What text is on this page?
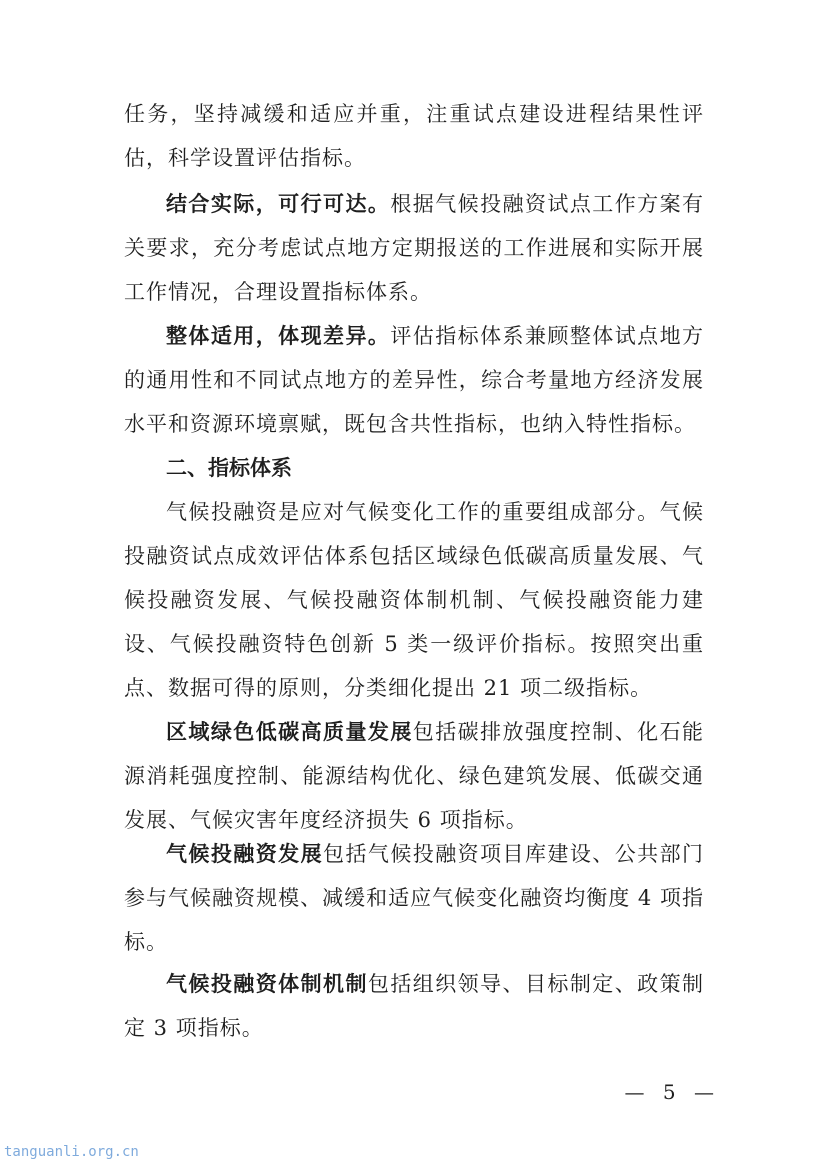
任务，坚持减缓和适应并重，注重试点建设进程结果性评估，科学设置评估指标。

结合实际，可行可达。根据气候投融资试点工作方案有关要求，充分考虑试点地方定期报送的工作进展和实际开展工作情况，合理设置指标体系。

整体适用，体现差异。评估指标体系兼顾整体试点地方的通用性和不同试点地方的差异性，综合考量地方经济发展水平和资源环境禀赋，既包含共性指标，也纳入特性指标。

二、指标体系

气候投融资是应对气候变化工作的重要组成部分。气候投融资试点成效评估体系包括区域绿色低碳高质量发展、气候投融资发展、气候投融资体制机制、气候投融资能力建设、气候投融资特色创新 5 类一级评价指标。按照突出重点、数据可得的原则，分类细化提出 21 项二级指标。

区域绿色低碳高质量发展包括碳排放强度控制、化石能源消耗强度控制、能源结构优化、绿色建筑发展、低碳交通发展、气候灾害年度经济损失 6 项指标。

气候投融资发展包括气候投融资项目库建设、公共部门参与气候融资规模、减缓和适应气候变化融资均衡度 4 项指标。

气候投融资体制机制包括组织领导、目标制定、政策制定 3 项指标。

— 5 —
tanguanli.org.cn
